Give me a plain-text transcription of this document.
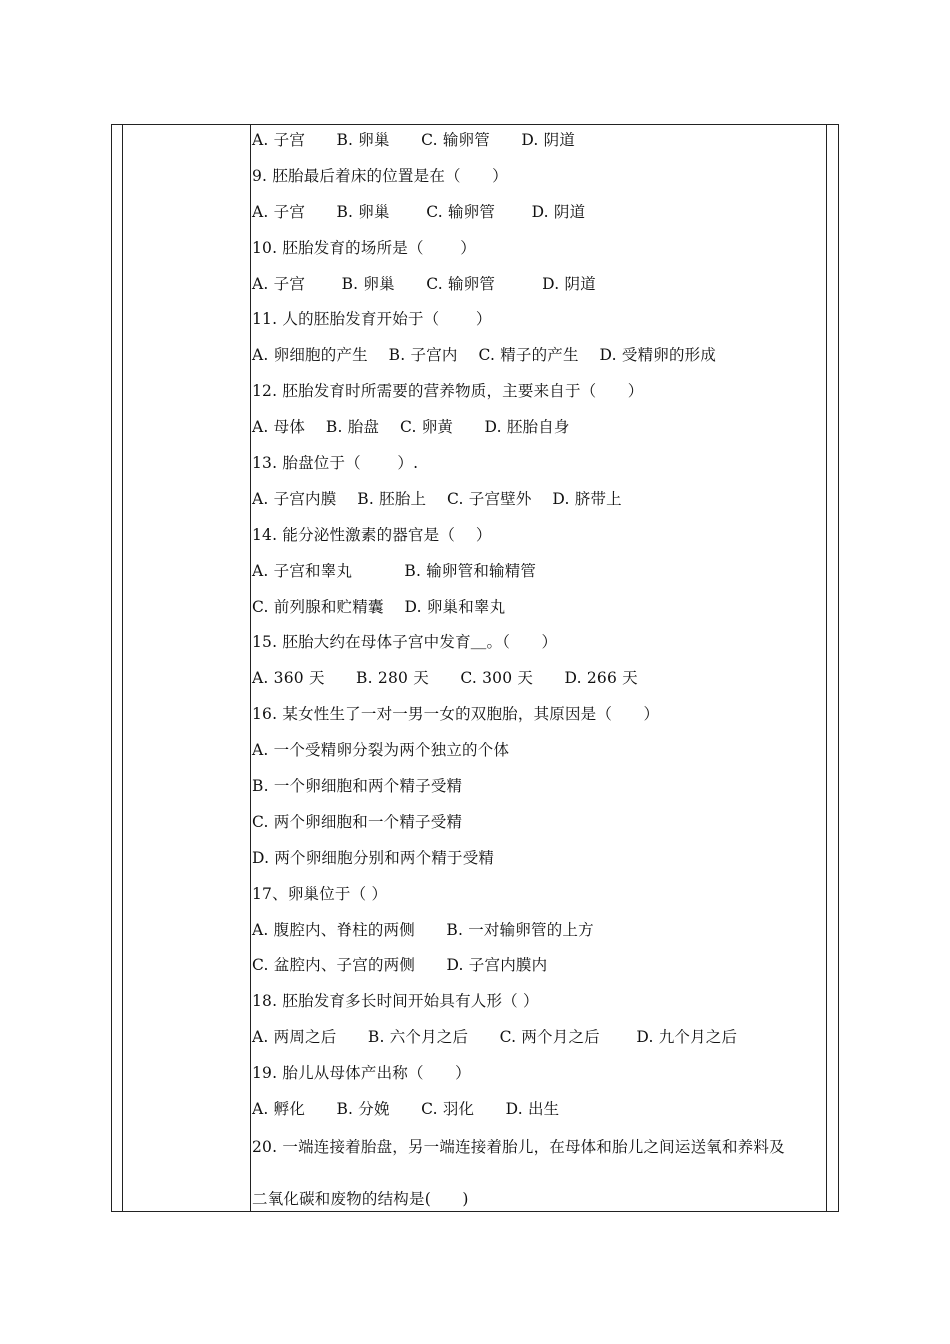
A. 子宫　　B. 卵巢　　C. 输卵管　　D. 阴道
9. 胚胎最后着床的位置是在（　　）
A. 子宫　　B. 卵巢　　 C. 输卵管　　 D. 阴道
10. 胚胎发育的场所是（　　 ）
A. 子宫　　 B. 卵巢　　C. 输卵管　　　D. 阴道
11. 人的胚胎发育开始于（　　 ）
A. 卵细胞的产生　 B. 子宫内　 C. 精子的产生　 D. 受精卵的形成
12. 胚胎发育时所需要的营养物质，主要来自于（　　）
A. 母体　 B. 胎盘　 C. 卵黄　　D. 胚胎自身
13. 胎盘位于（　　 ）.
A. 子宫内膜　 B. 胚胎上　 C. 子宫壁外　 D. 脐带上
14. 能分泌性激素的器官是（　 ）
A. 子宫和睾丸　　　 B. 输卵管和输精管
C. 前列腺和贮精囊　 D. 卵巢和睾丸
15. 胚胎大约在母体子宫中发育＿。（　　）
A. 360 天　　B. 280 天　　C. 300 天　　D. 266 天
16. 某女性生了一对一男一女的双胞胎，其原因是（　　）
A. 一个受精卵分裂为两个独立的个体
B. 一个卵细胞和两个精子受精
C. 两个卵细胞和一个精子受精
D. 两个卵细胞分别和两个精于受精
17、卵巢位于（ ）
A. 腹腔内、脊柱的两侧　　B. 一对输卵管的上方
C. 盆腔内、子宫的两侧　　D. 子宫内膜内
18. 胚胎发育多长时间开始具有人形（ ）
A. 两周之后　　B. 六个月之后　　C. 两个月之后　　 D. 九个月之后
19. 胎儿从母体产出称（　　）
A. 孵化　　B. 分娩　　C. 羽化　　D. 出生
20. 一端连接着胎盘，另一端连接着胎儿，在母体和胎儿之间运送氧和养料及
二氧化碳和废物的结构是(　　)
